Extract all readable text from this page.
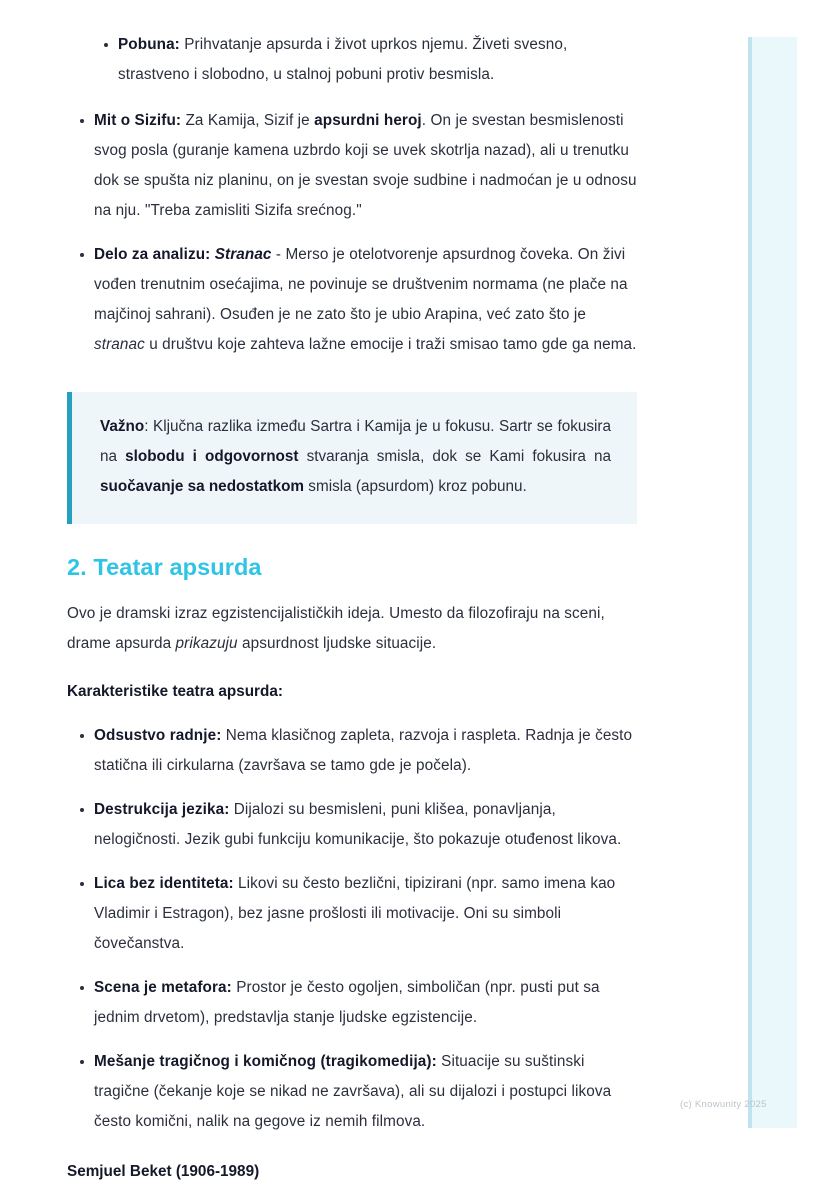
Pobuna: Prihvatanje apsurda i život uprkos njemu. Živeti svesno, strastveno i slobodno, u stalnoj pobuni protiv besmisla.
Mit o Sizifu: Za Kamija, Sizif je apsurdni heroj. On je svestan besmislenosti svog posla (guranje kamena uzbrdo koji se uvek skotrlja nazad), ali u trenutku dok se spušta niz planinu, on je svestan svoje sudbine i nadmoćan je u odnosu na nju. "Treba zamisliti Sizifa srećnog."
Delo za analizu: Stranac - Merso je otelotvorenje apsurdnog čoveka. On živi vođen trenutnim osećajima, ne povinuje se društvenim normama (ne plače na majčinoj sahrani). Osuđen je ne zato što je ubio Arapina, već zato što je stranac u društvu koje zahteva lažne emocije i traži smisao tamo gde ga nema.
Važno: Ključna razlika između Sartra i Kamija je u fokusu. Sartr se fokusira na slobodu i odgovornost stvaranja smisla, dok se Kami fokusira na suočavanje sa nedostatkom smisla (apsurdom) kroz pobunu.
2. Teatar apsurda

Ovo je dramski izraz egzistencijalističkih ideja. Umesto da filozofiraju na sceni, drame apsurda prikazuju apsurdnost ljudske situacije.

Karakteristike teatra apsurda:

Odsustvo radnje: Nema klasičnog zapleta, razvoja i raspleta. Radnja je često statična ili cirkularna (završava se tamo gde je počela).
Destrukcija jezika: Dijalozi su besmisleni, puni klišea, ponavljanja, nelogičnosti. Jezik gubi funkciju komunikacije, što pokazuje otuđenost likova.
Lica bez identiteta: Likovi su često bezlični, tipizirani (npr. samo imena kao Vladimir i Estragon), bez jasne prošlosti ili motivacije. Oni su simboli čovečanstva.
Scena je metafora: Prostor je često ogoljen, simboličan (npr. pusti put sa jednim drvetom), predstavlja stanje ljudske egzistencije.
Mešanje tragičnog i komičnog (tragikomedija): Situacije su suštinski tragične (čekanje koje se nikad ne završava), ali su dijalozi i postupci likova često komični, nalik na gegove iz nemih filmova.

Semjuel Beket (1906-1989)

(c) Knowunity 2025
